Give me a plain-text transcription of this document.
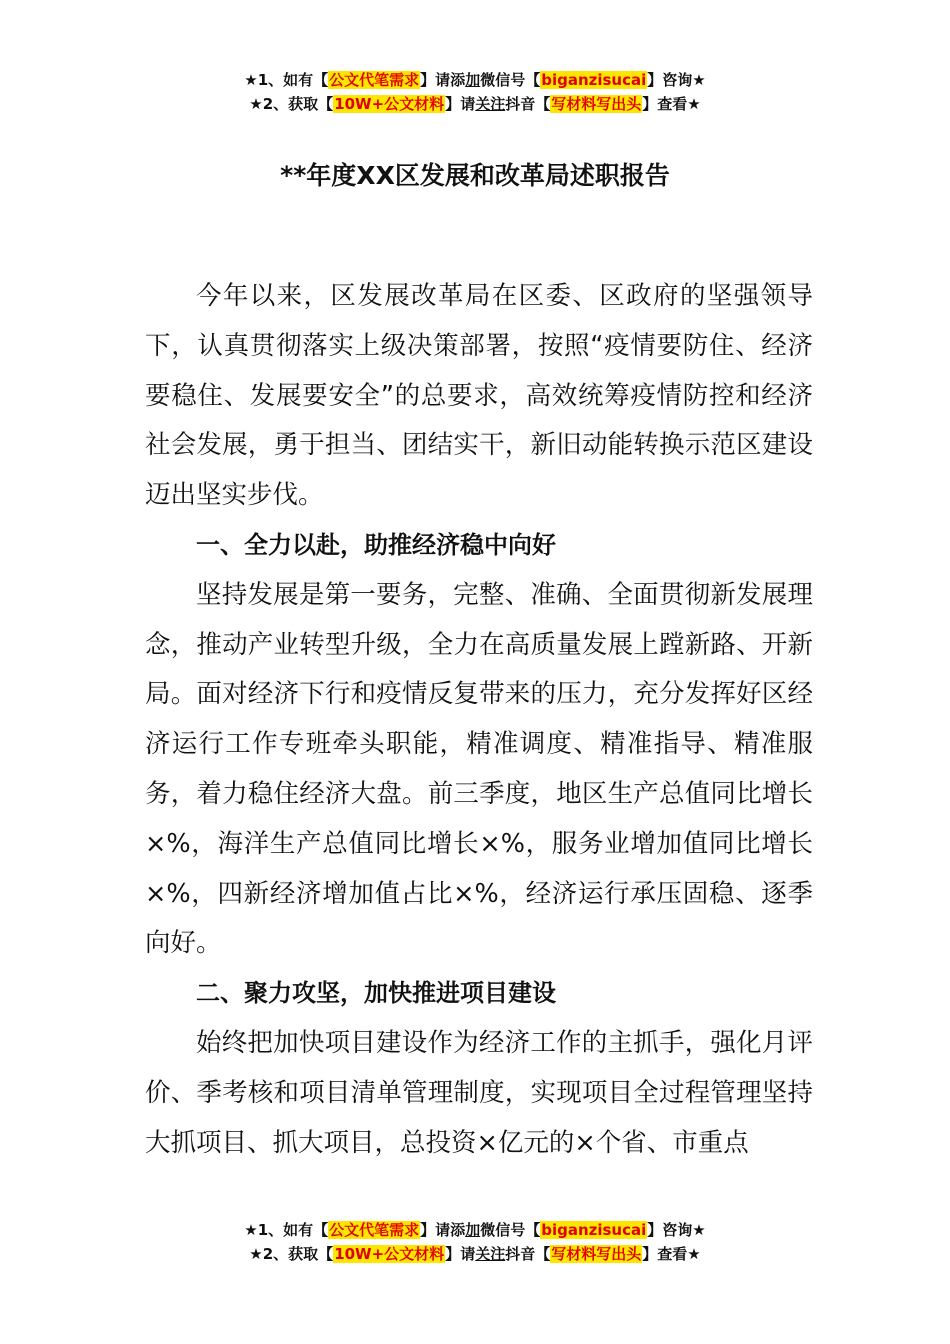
★1、如有【公文代笔需求】请添加微信号【biganzisucai】咨询★
★2、获取【10W+公文材料】请关注抖音【写材料写出头】查看★
**年度XX区发展和改革局述职报告

今年以来，区发展改革局在区委、区政府的坚强领导下，认真贯彻落实上级决策部署，按照“疫情要防住、经济要稳住、发展要安全”的总要求，高效统筹疫情防控和经济社会发展，勇于担当、团结实干，新旧动能转换示范区建设迈出坚实步伐。

一、全力以赴，助推经济稳中向好

坚持发展是第一要务，完整、准确、全面贯彻新发展理念，推动产业转型升级，全力在高质量发展上蹚新路、开新局。面对经济下行和疫情反复带来的压力，充分发挥好区经济运行工作专班牵头职能，精准调度、精准指导、精准服务，着力稳住经济大盘。前三季度，地区生产总值同比增长×%，海洋生产总值同比增长×%，服务业增加值同比增长×%，四新经济增加值占比×%，经济运行承压固稳、逐季向好。

二、聚力攻坚，加快推进项目建设

始终把加快项目建设作为经济工作的主抓手，强化月评价、季考核和项目清单管理制度，实现项目全过程管理坚持大抓项目、抓大项目，总投资×亿元的×个省、市重点

★1、如有【公文代笔需求】请添加微信号【biganzisucai】咨询★
★2、获取【10W+公文材料】请关注抖音【写材料写出头】查看★
